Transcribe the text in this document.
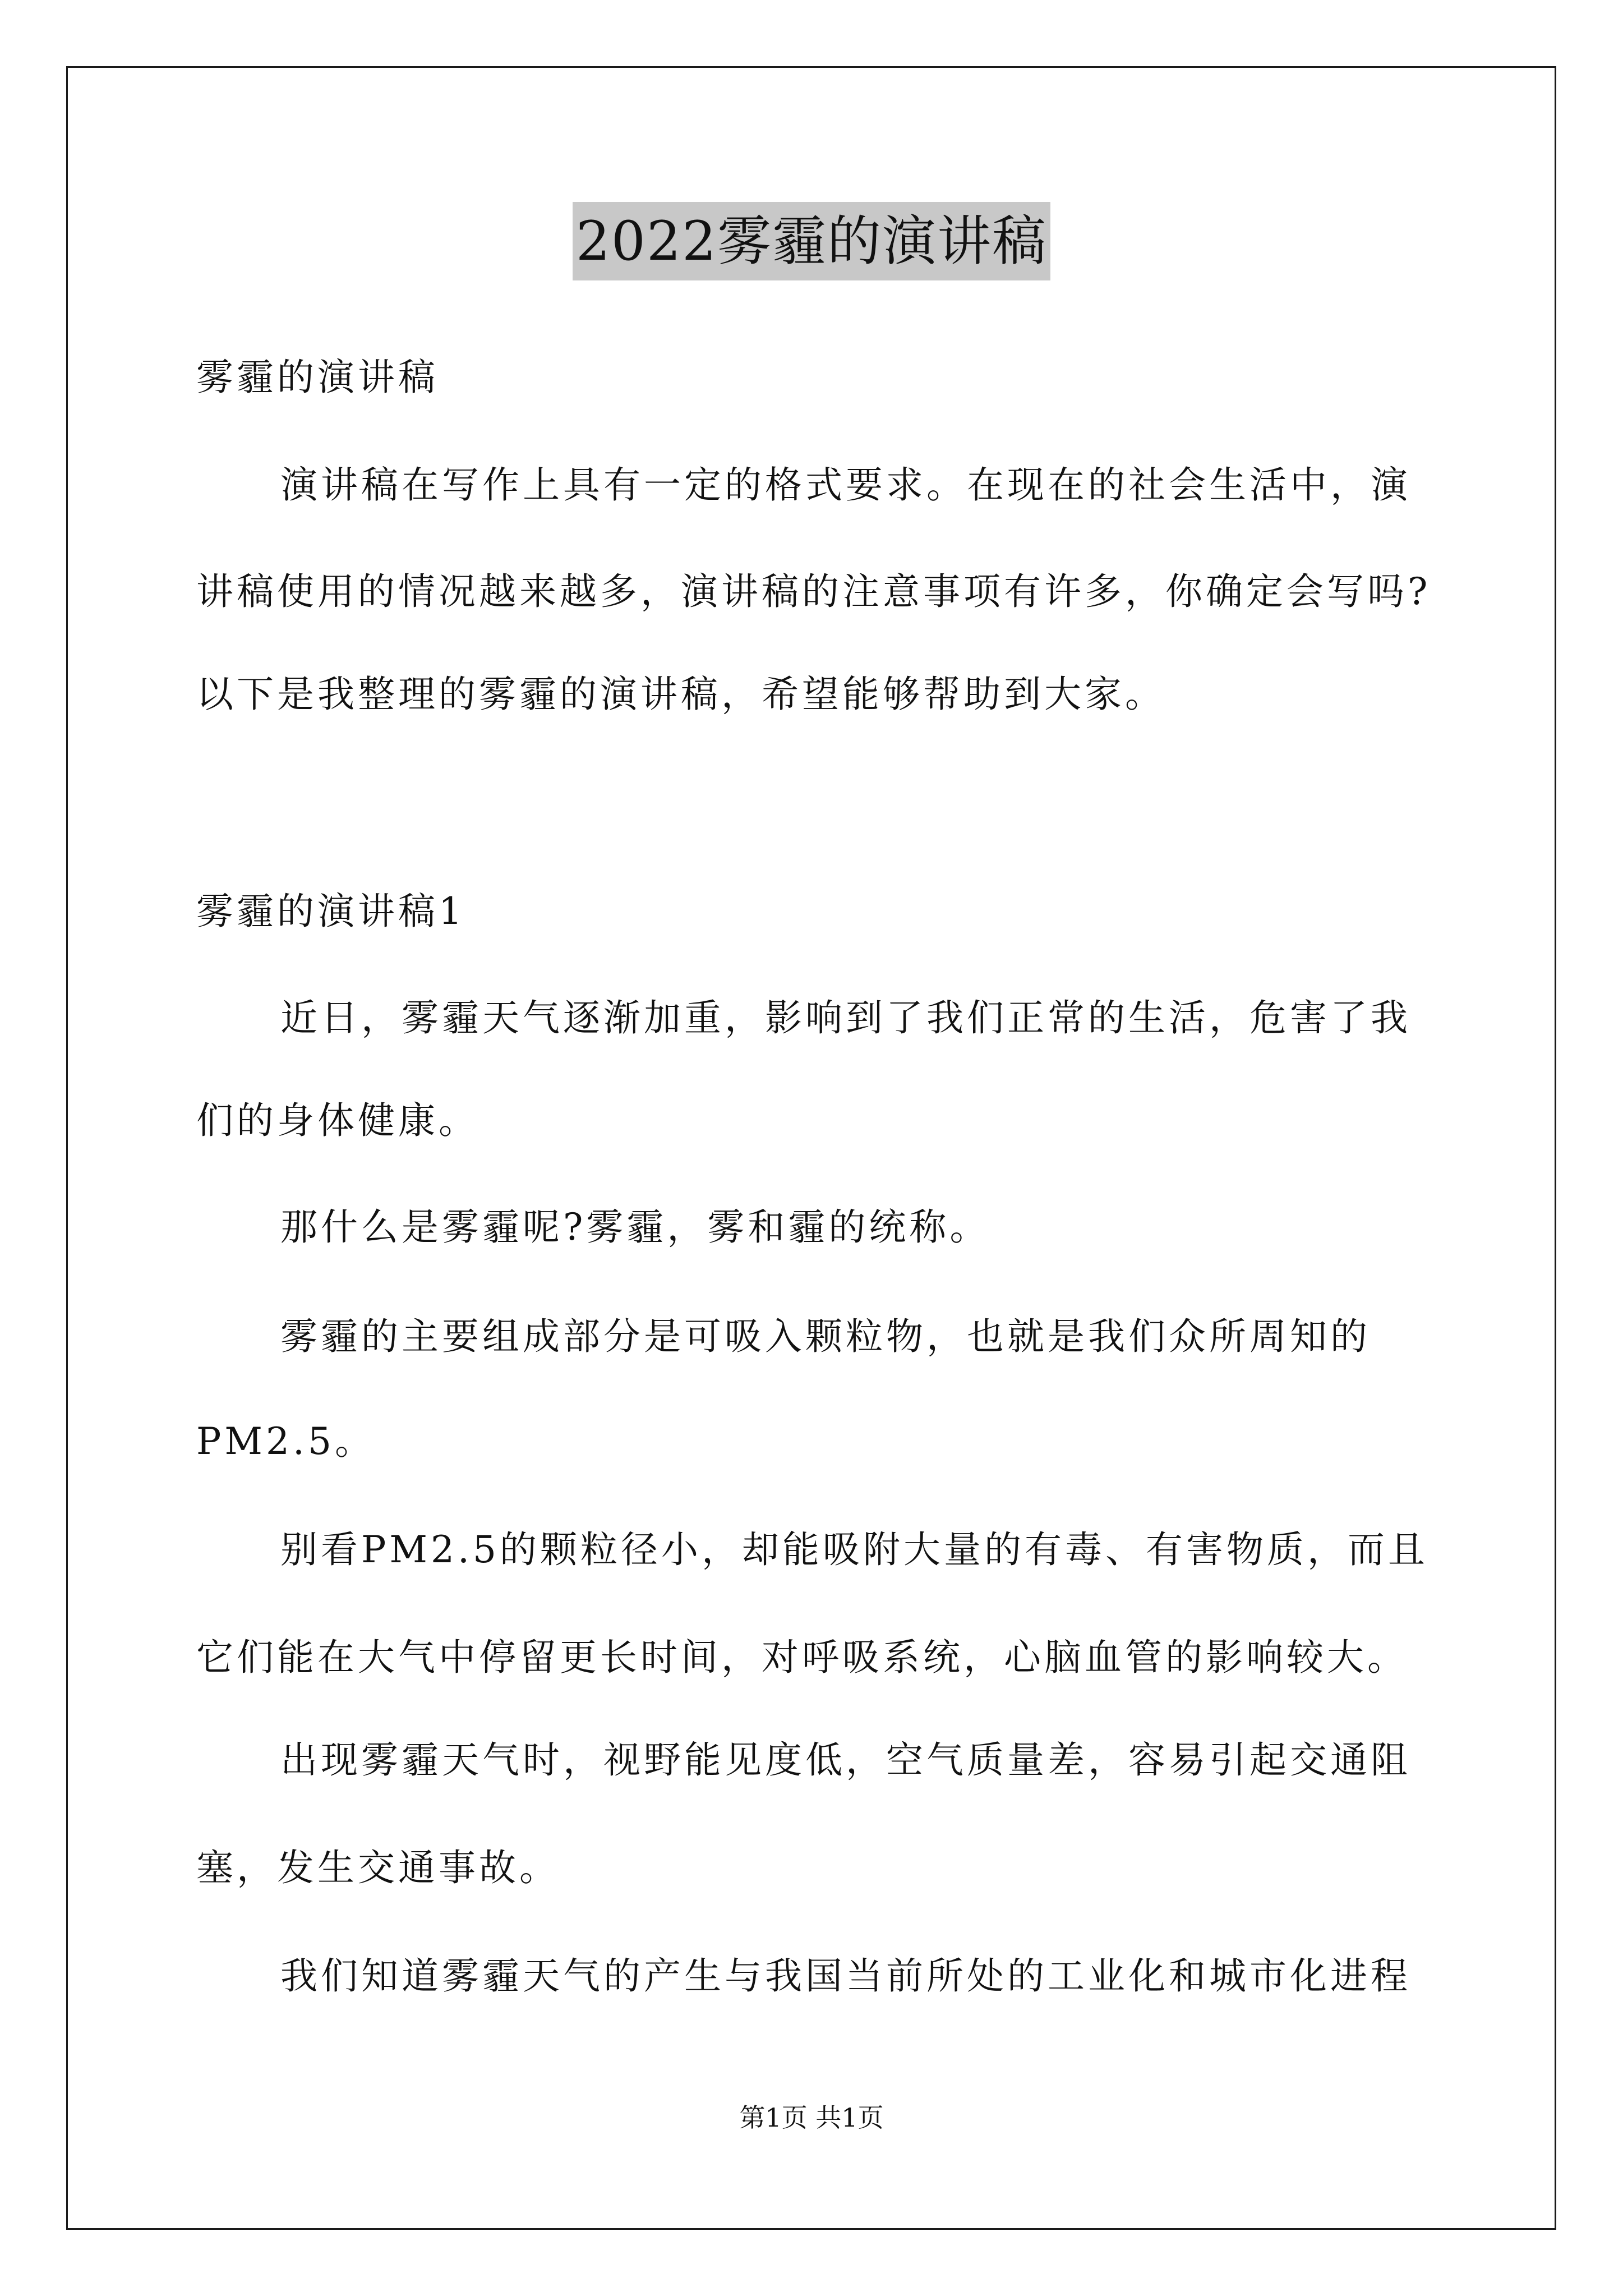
2022雾霾的演讲稿
雾霾的演讲稿
演讲稿在写作上具有一定的格式要求。在现在的社会生活中，演
讲稿使用的情况越来越多，演讲稿的注意事项有许多，你确定会写吗?
以下是我整理的雾霾的演讲稿，希望能够帮助到大家。
雾霾的演讲稿1
近日，雾霾天气逐渐加重，影响到了我们正常的生活，危害了我
们的身体健康。
那什么是雾霾呢?雾霾，雾和霾的统称。
雾霾的主要组成部分是可吸入颗粒物，也就是我们众所周知的
PM2.5。
别看PM2.5的颗粒径小，却能吸附大量的有毒、有害物质，而且
它们能在大气中停留更长时间，对呼吸系统，心脑血管的影响较大。
出现雾霾天气时，视野能见度低，空气质量差，容易引起交通阻
塞，发生交通事故。
我们知道雾霾天气的产生与我国当前所处的工业化和城市化进程
第1页 共1页
